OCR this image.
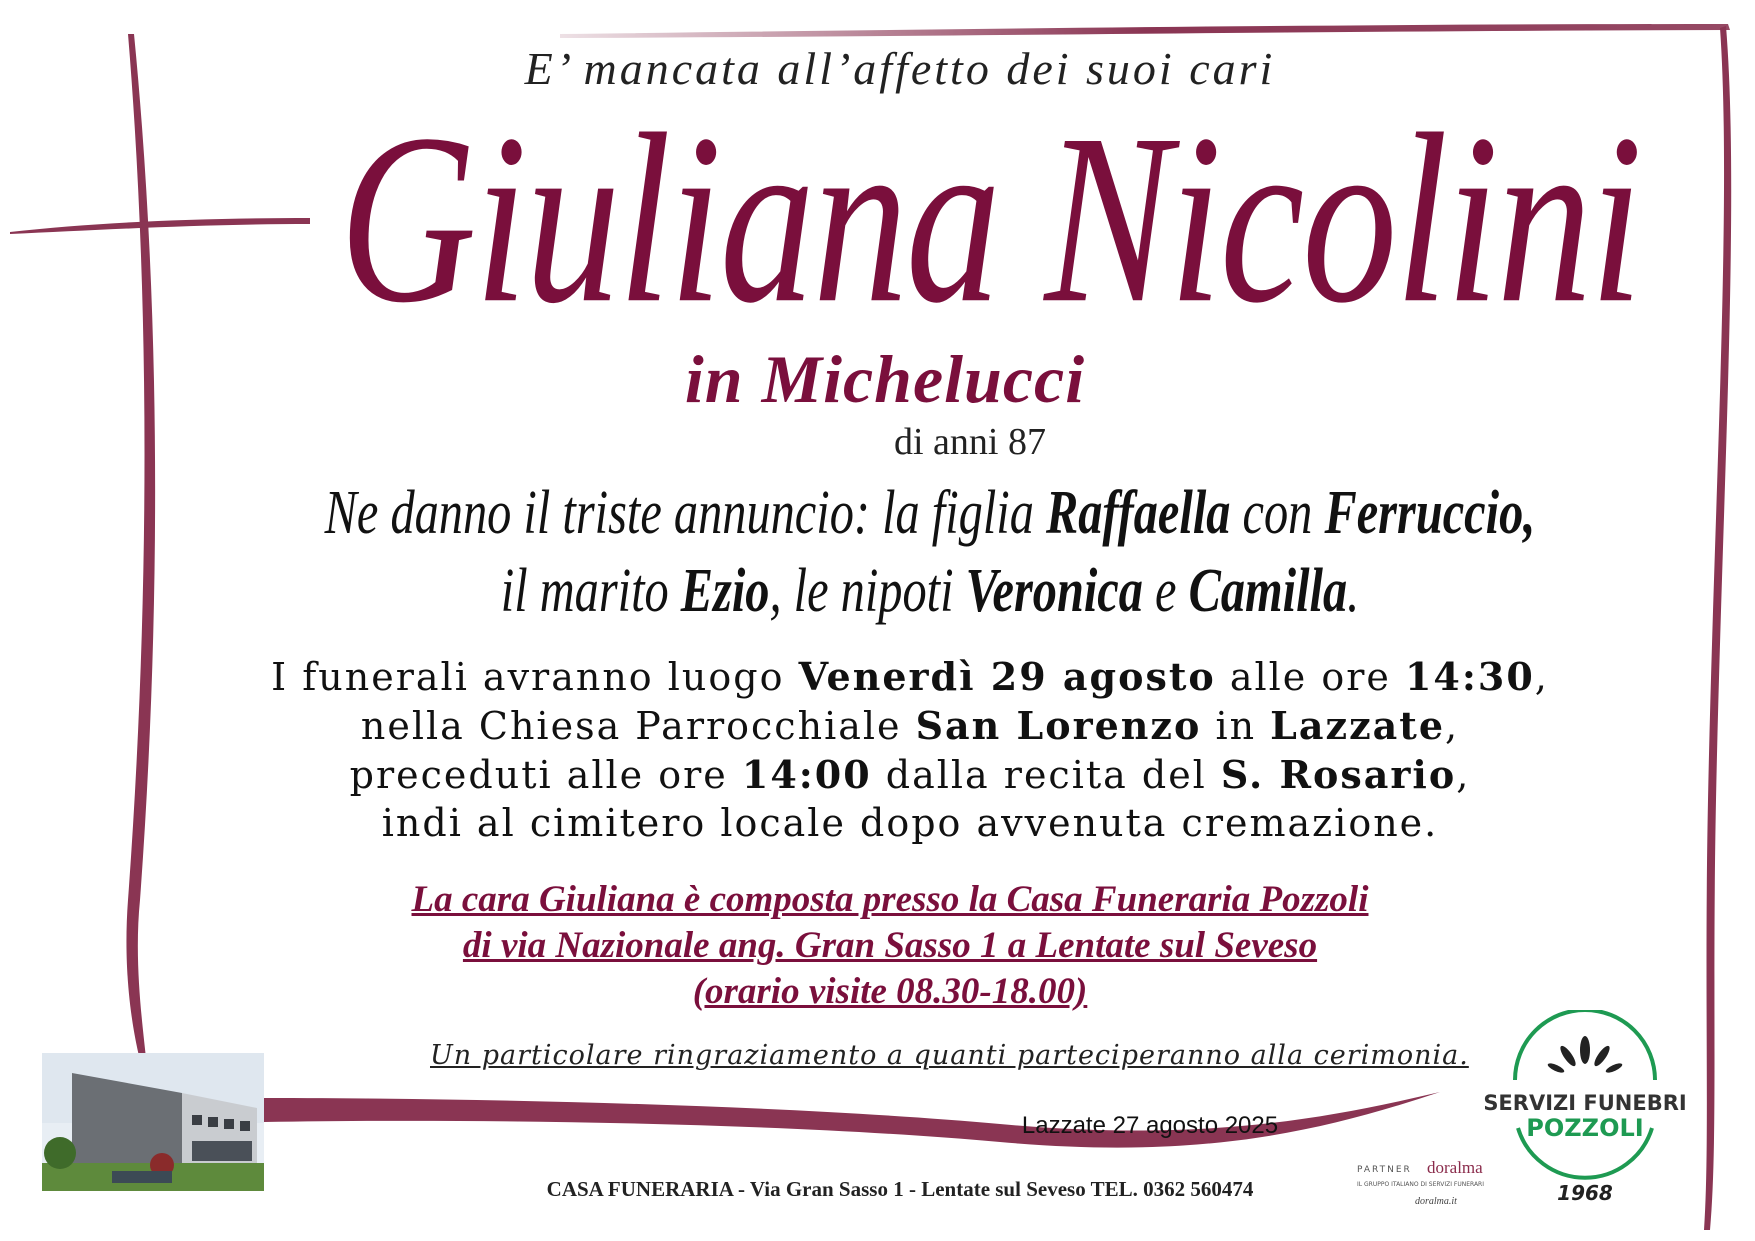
E’ mancata all’affetto dei suoi cari
Giuliana Nicolini
in Michelucci
di anni 87
Ne danno il triste annuncio: la figlia Raffaella con Ferruccio,
il marito Ezio, le nipoti Veronica e Camilla.
I funerali avranno luogo Venerdì 29 agosto alle ore 14:30,
nella Chiesa Parrocchiale San Lorenzo in Lazzate,
preceduti alle ore 14:00 dalla recita del S. Rosario,
indi al cimitero locale dopo avvenuta cremazione.
La cara Giuliana è composta presso la Casa Funeraria Pozzoli
di via Nazionale ang. Gran Sasso 1 a Lentate sul Seveso
(orario visite 08.30-18.00)
Un particolare ringraziamento a quanti parteciperanno alla cerimonia.
Lazzate 27 agosto 2025
CASA FUNERARIA - Via Gran Sasso 1 - Lentate sul Seveso TEL. 0362 560474
SERVIZI FUNEBRI
POZZOLI
1968
PARTNER doralma
IL GRUPPO ITALIANO DI SERVIZI FUNERARI
doralma.it
